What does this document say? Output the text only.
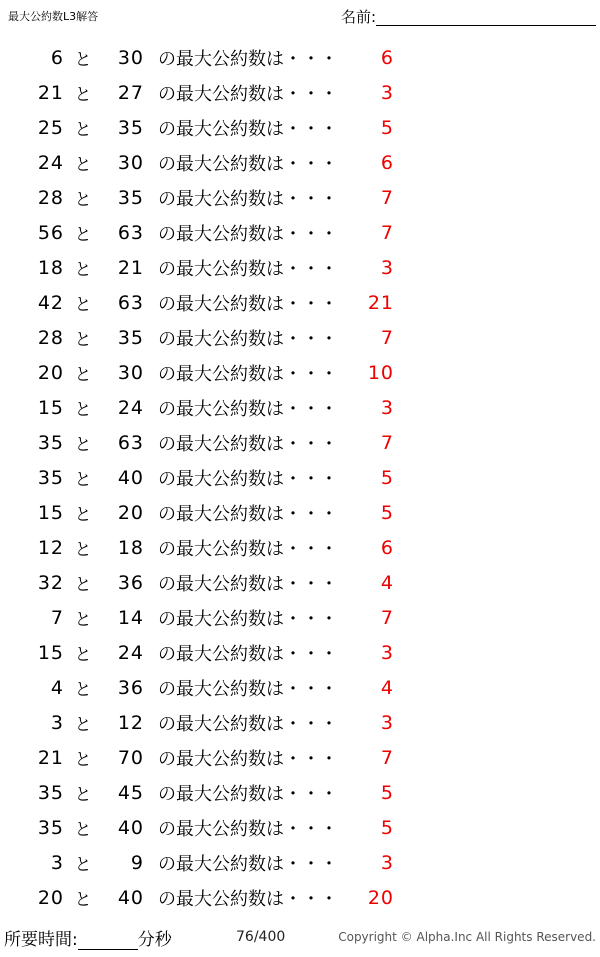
最大公約数L3解答	名前:
6 と	30 の最大公約数は・・・	6
21 と	27 の最大公約数は・・・	3
25 と	35 の最大公約数は・・・	5
24 と	30 の最大公約数は・・・	6
28 と	35 の最大公約数は・・・	7
56 と	63 の最大公約数は・・・	7
18 と	21 の最大公約数は・・・	3
42 と	63 の最大公約数は・・・	21
28 と	35 の最大公約数は・・・	7
20 と	30 の最大公約数は・・・	10
15 と	24 の最大公約数は・・・	3
35 と	63 の最大公約数は・・・	7
35 と	40 の最大公約数は・・・	5
15 と	20 の最大公約数は・・・	5
12 と	18 の最大公約数は・・・	6
32 と	36 の最大公約数は・・・	4
7 と	14 の最大公約数は・・・	7
15 と	24 の最大公約数は・・・	3
4 と	36 の最大公約数は・・・	4
3 と	12 の最大公約数は・・・	3
21 と	70 の最大公約数は・・・	7
35 と	45 の最大公約数は・・・	5
35 と	40 の最大公約数は・・・	5
3 と	9 の最大公約数は・・・	3
20 と	40 の最大公約数は・・・	20
所要時間:	分秒	76/400	Copyright © Alpha.Inc All Rights Reserved.
